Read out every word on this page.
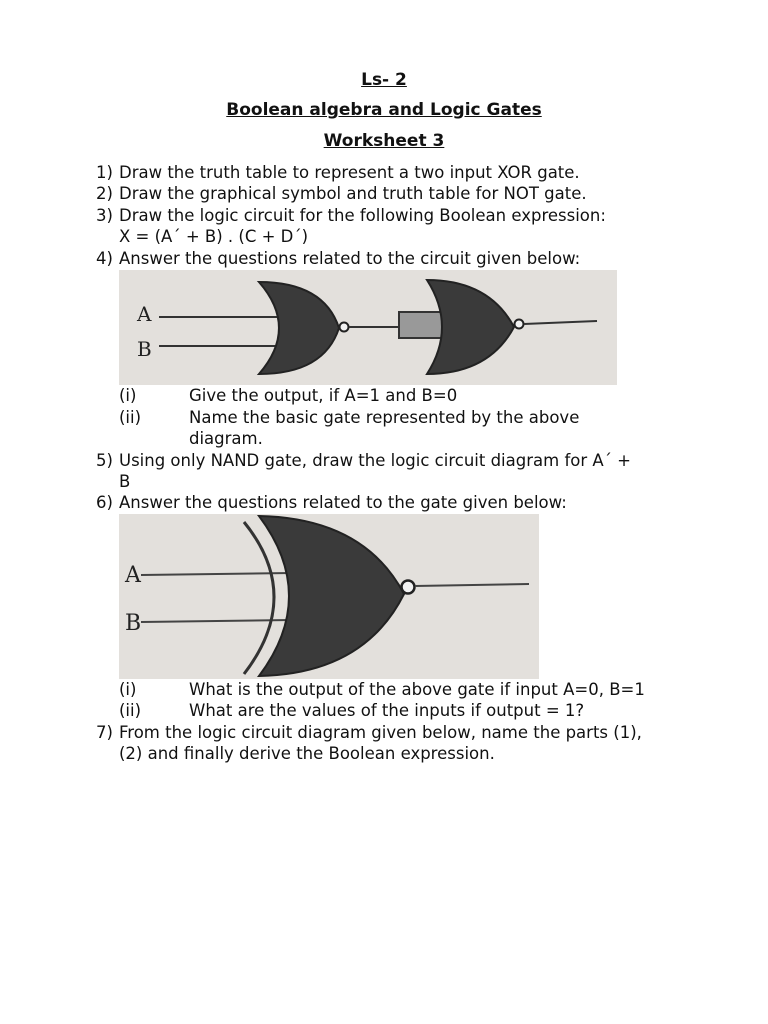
Ls- 2
Boolean algebra and Logic Gates
Worksheet 3
1) Draw the truth table to represent a two input XOR gate.
2) Draw the graphical symbol and truth table for NOT gate.
3) Draw the logic circuit for the following Boolean expression:
X = (A´ + B) . (C + D´)
4) Answer the questions related to the circuit given below:
A
B
(i)	Give the output, if A=1 and B=0
(ii)	Name the basic gate represented by the above
diagram.
5) Using only NAND gate, draw the logic circuit diagram for A´ +
B
6) Answer the questions related to the gate given below:
A
B
(i)	What is the output of the above gate if input A=0, B=1
(ii)	What are the values of the inputs if output = 1?
7) From the logic circuit diagram given below, name the parts (1),
(2) and finally derive the Boolean expression.
